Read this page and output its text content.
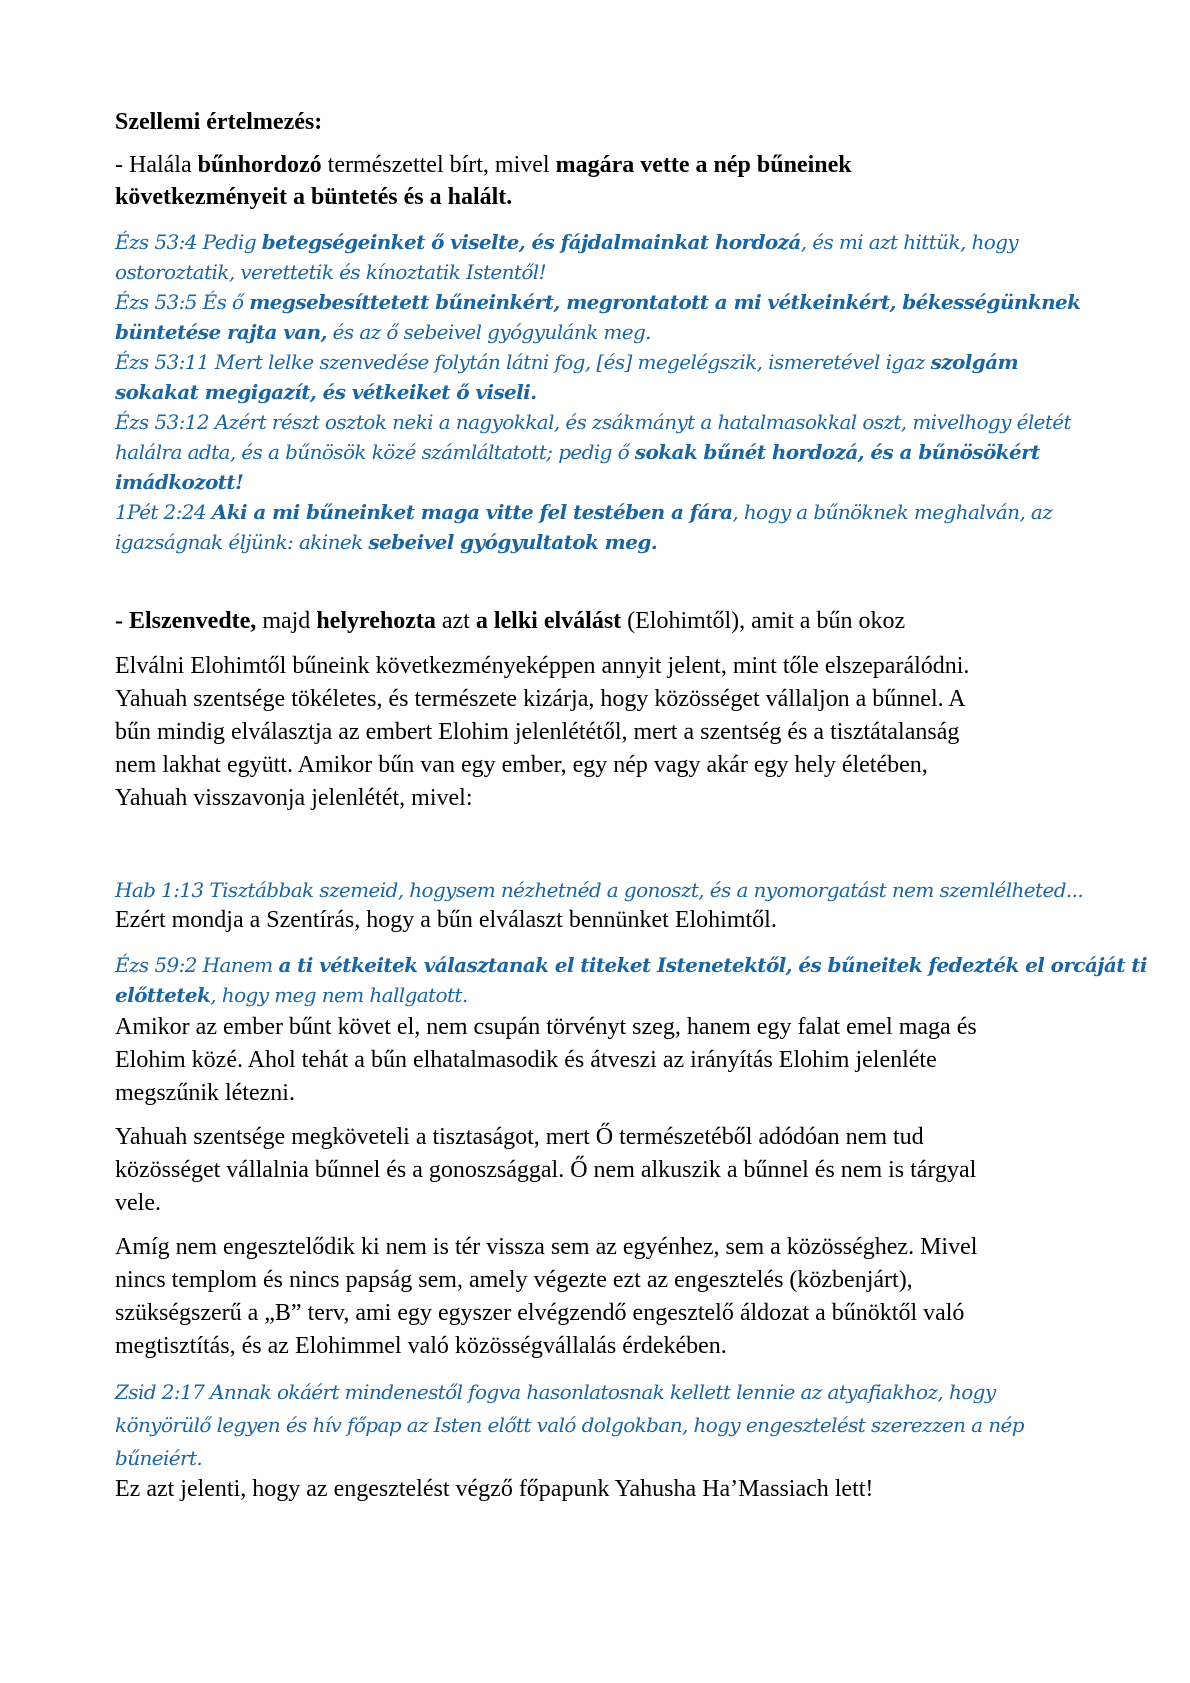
Szellemi értelmezés:
- Halála bűnhordozó természettel bírt, mivel magára vette a nép bűneinek
következményeit a büntetés és a halált.
Ézs 53:4 Pedig betegségeinket ő viselte, és fájdalmainkat hordozá, és mi azt hittük, hogy
ostoroztatik, verettetik és kínoztatik Istentől!
Ézs 53:5 És ő megsebesíttetett bűneinkért, megrontatott a mi vétkeinkért, békességünknek
büntetése rajta van, és az ő sebeivel gyógyulánk meg.
Ézs 53:11 Mert lelke szenvedése folytán látni fog, [és] megelégszik, ismeretével igaz szolgám
sokakat megigazít, és vétkeiket ő viseli.
Ézs 53:12 Azért részt osztok neki a nagyokkal, és zsákmányt a hatalmasokkal oszt, mivelhogy életét
halálra adta, és a bűnösök közé számláltatott; pedig ő sokak bűnét hordozá, és a bűnösökért
imádkozott!
1Pét 2:24 Aki a mi bűneinket maga vitte fel testében a fára, hogy a bűnöknek meghalván, az
igazságnak éljünk: akinek sebeivel gyógyultatok meg.
- Elszenvedte, majd helyrehozta azt a lelki elválást (Elohimtől), amit a bűn okoz
Elválni Elohimtől bűneink következményeképpen annyit jelent, mint tőle elszeparálódni.
Yahuah szentsége tökéletes, és természete kizárja, hogy közösséget vállaljon a bűnnel. A
bűn mindig elválasztja az embert Elohim jelenlététől, mert a szentség és a tisztátalanság
nem lakhat együtt. Amikor bűn van egy ember, egy nép vagy akár egy hely életében,
Yahuah visszavonja jelenlétét, mivel:
Hab 1:13 Tisztábbak szemeid, hogysem nézhetnéd a gonoszt, és a nyomorgatást nem szemlélheted...
Ezért mondja a Szentírás, hogy a bűn elválaszt bennünket Elohimtől.
Ézs 59:2 Hanem a ti vétkeitek választanak el titeket Istenetektől, és bűneitek fedezték el orcáját ti
előttetek, hogy meg nem hallgatott.
Amikor az ember bűnt követ el, nem csupán törvényt szeg, hanem egy falat emel maga és
Elohim közé. Ahol tehát a bűn elhatalmasodik és átveszi az irányítás Elohim jelenléte
megszűnik létezni.
Yahuah szentsége megköveteli a tisztaságot, mert Ő természetéből adódóan nem tud
közösséget vállalnia bűnnel és a gonoszsággal. Ő nem alkuszik a bűnnel és nem is tárgyal
vele.
Amíg nem engesztelődik ki nem is tér vissza sem az egyénhez, sem a közösséghez. Mivel
nincs templom és nincs papság sem, amely végezte ezt az engesztelés (közbenjárt),
szükségszerű a „B” terv, ami egy egyszer elvégzendő engesztelő áldozat a bűnöktől való
megtisztítás, és az Elohimmel való közösségvállalás érdekében.
Zsid 2:17 Annak okáért mindenestől fogva hasonlatosnak kellett lennie az atyafiakhoz, hogy
könyörülő legyen és hív főpap az Isten előtt való dolgokban, hogy engesztelést szerezzen a nép
bűneiért.
Ez azt jelenti, hogy az engesztelést végző főpapunk Yahusha Ha’Massiach lett!
